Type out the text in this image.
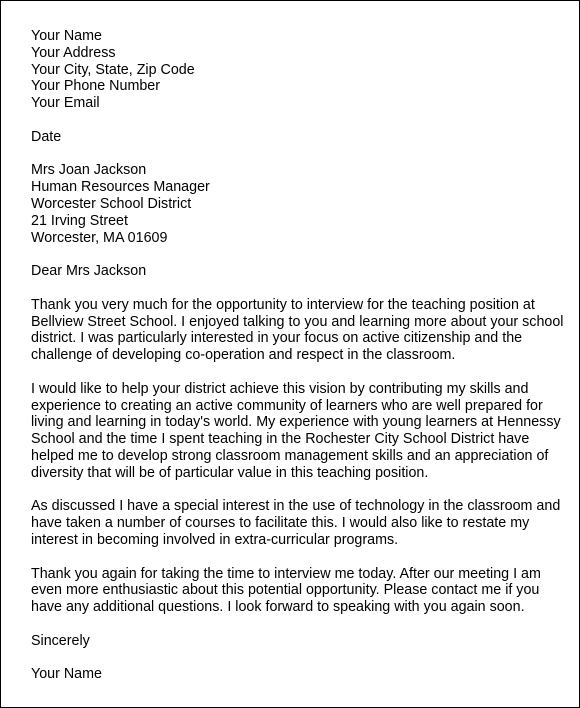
Your Name
Your Address
Your City, State, Zip Code
Your Phone Number
Your Email
Date
Mrs Joan Jackson
Human Resources Manager
Worcester School District
21 Irving Street
Worcester, MA 01609
Dear Mrs Jackson
Thank you very much for the opportunity to interview for the teaching position at
Bellview Street School. I enjoyed talking to you and learning more about your school
district. I was particularly interested in your focus on active citizenship and the
challenge of developing co-operation and respect in the classroom.
I would like to help your district achieve this vision by contributing my skills and
experience to creating an active community of learners who are well prepared for
living and learning in today's world. My experience with young learners at Hennessy
School and the time I spent teaching in the Rochester City School District have
helped me to develop strong classroom management skills and an appreciation of
diversity that will be of particular value in this teaching position.
As discussed I have a special interest in the use of technology in the classroom and
have taken a number of courses to facilitate this. I would also like to restate my
interest in becoming involved in extra-curricular programs.
Thank you again for taking the time to interview me today. After our meeting I am
even more enthusiastic about this potential opportunity. Please contact me if you
have any additional questions. I look forward to speaking with you again soon.
Sincerely
Your Name
